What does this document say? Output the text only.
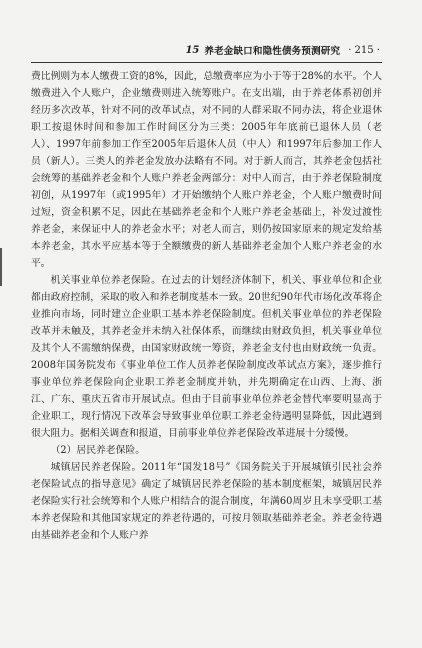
15 养老金缺口和隐性债务预测研究 · 215 ·

费比例则为本人缴费工资的8%，因此，总缴费率应为小于等于28%的水平。个人缴费进入个人账户，企业缴费则进入统筹账户。在支出端，由于养老体系初创并经历多次改革，针对不同的改革试点，对不同的人群采取不同办法，将企业退休职工按退休时间和参加工作时间区分为三类：2005年年底前已退休人员（老人）、1997年前参加工作至2005年后退休人员（中人）和1997年后参加工作人员（新人）。三类人的养老金发放办法略有不同。对于新人而言，其养老金包括社会统筹的基础养老金和个人账户养老金两部分：对中人而言，由于养老保险制度初创，从1997年（或1995年）才开始缴纳个人账户养老金，个人账户缴费时间过短，资金积累不足，因此在基础养老金和个人账户养老金基础上，补发过渡性养老金，来保证中人的养老金水平；对老人而言，则仍按国家原来的规定发给基本养老金，其水平应基本等于全额缴费的新人基础养老金加个人账户养老金的水平。

机关事业单位养老保险。在过去的计划经济体制下，机关、事业单位和企业都由政府控制，采取的收入和养老制度基本一致。20世纪90年代市场化改革将企业推向市场，同时建立企业职工基本养老保险制度。但机关事业单位的养老保险改革并未触及，其养老金并未纳入社保体系，而继续由财政负担，机关事业单位及其个人不需缴纳保费，由国家财政统一筹资，养老金支付也由财政统一负责。2008年国务院发布《事业单位工作人员养老保险制度改革试点方案》，逐步推行事业单位养老保险向企业职工养老金制度并轨，并先期确定在山西、上海、浙江、广东、重庆五省市开展试点。但由于目前事业单位养老金替代率要明显高于企业职工，现行情况下改革会导致事业单位职工养老金待遇明显降低，因此遇到很大阻力。据相关调查和报道，目前事业单位养老保险改革进展十分缓慢。

（2）居民养老保险。

城镇居民养老保险。2011年“国发18号”《国务院关于开展城镇引民社会养老保险试点的指导意见》确定了城镇居民养老保险的基本制度框架，城镇居民养老保险实行社会统筹和个人账户相结合的混合制度，年满60周岁且未享受职工基本养老保险和其他国家规定的养老待遇的，可按月领取基础养老金。养老金待遇由基础养老金和个人账户养
